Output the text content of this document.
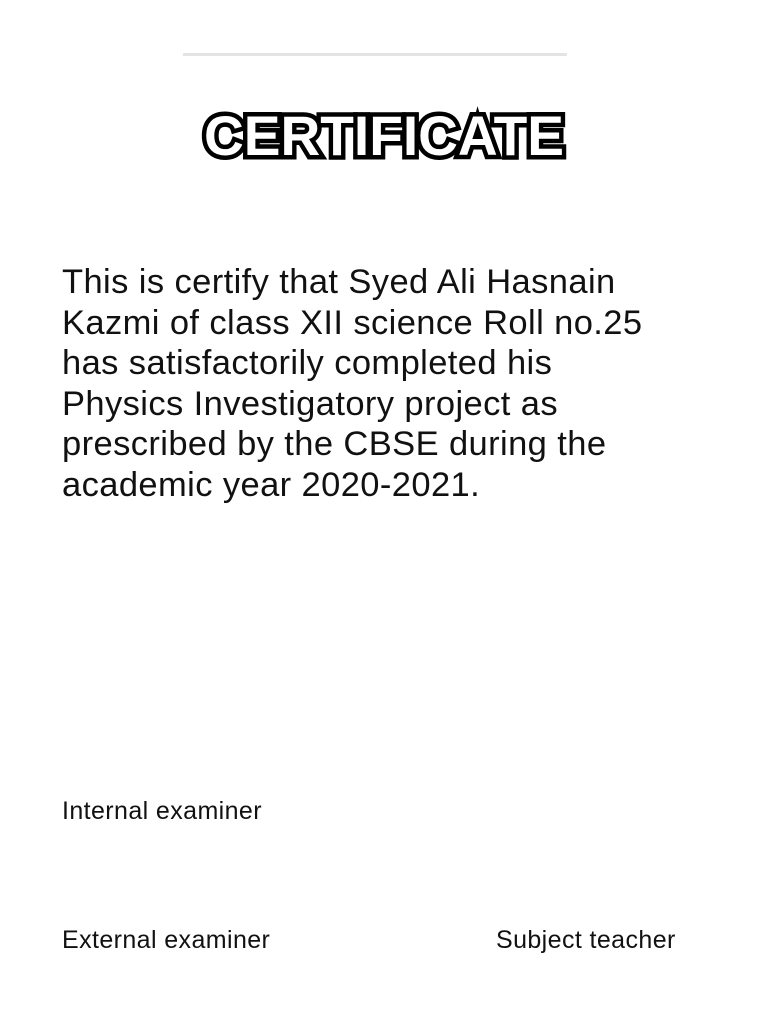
CERTIFICATE
This is certify that Syed Ali Hasnain
Kazmi of class XII science Roll no.25
has satisfactorily completed his
Physics Investigatory project as
prescribed by the CBSE during the
academic year 2020-2021.
Internal examiner
External examiner	Subject teacher
